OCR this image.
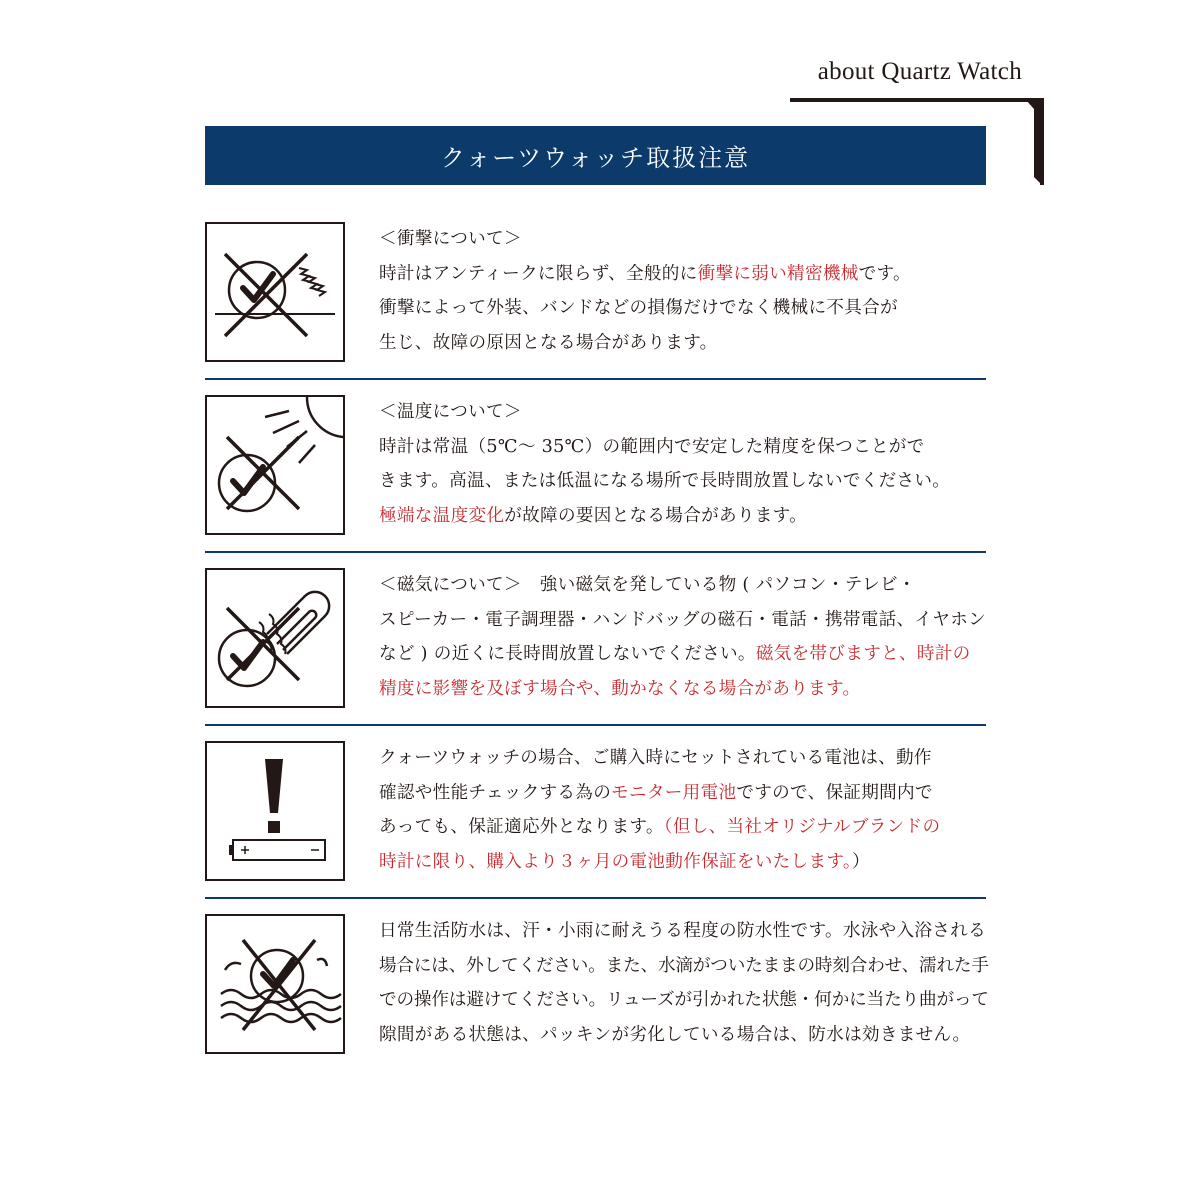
about Quartz Watch
クォーツウォッチ取扱注意

＜衝撃について＞

時計はアンティークに限らず、全般的に衝撃に弱い精密機械です。

衝撃によって外装、バンドなどの損傷だけでなく機械に不具合が

生じ、故障の原因となる場合があります。

＜温度について＞

時計は常温（5℃～ 35℃）の範囲内で安定した精度を保つことがで

きます。高温、または低温になる場所で長時間放置しないでください。

極端な温度変化が故障の要因となる場合があります。

＜磁気について＞　強い磁気を発している物 ( パソコン・テレビ・

スピーカー・電子調理器・ハンドバッグの磁石・電話・携帯電話、イヤホン

など ) の近くに長時間放置しないでください。磁気を帯びますと、時計の

精度に影響を及ぼす場合や、動かなくなる場合があります。

クォーツウォッチの場合、ご購入時にセットされている電池は、動作

確認や性能チェックする為のモニター用電池ですので、保証期間内で

あっても、保証適応外となります。（但し、当社オリジナルブランドの

時計に限り、購入より３ヶ月の電池動作保証をいたします。）

日常生活防水は、汗・小雨に耐えうる程度の防水性です。水泳や入浴される

場合には、外してください。また、水滴がついたままの時刻合わせ、濡れた手

での操作は避けてください。リューズが引かれた状態・何かに当たり曲がって

隙間がある状態は、パッキンが劣化している場合は、防水は効きません。
